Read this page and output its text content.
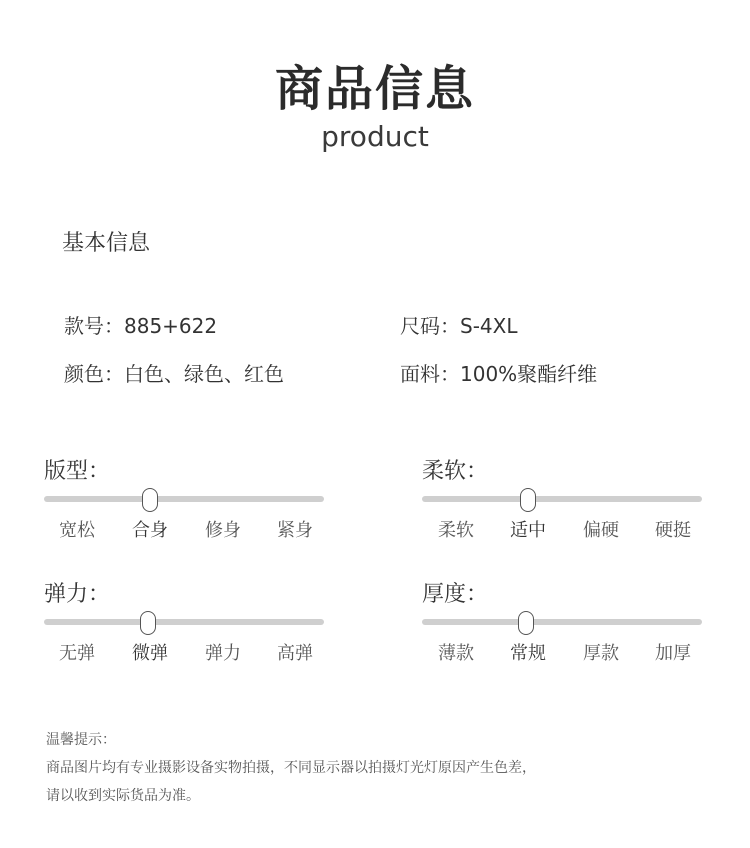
商品信息
product
基本信息
款号：885+622	尺码：S-4XL
颜色：白色、绿色、红色	面料：100%聚酯纤维
版型：
宽松	合身	修身	紧身
柔软：
柔软	适中	偏硬	硬挺
弹力：
无弹	微弹	弹力	高弹
厚度：
薄款	常规	厚款	加厚
温馨提示：
商品图片均有专业摄影设备实物拍摄，不同显示器以拍摄灯光灯原因产生色差，
请以收到实际货品为准。
